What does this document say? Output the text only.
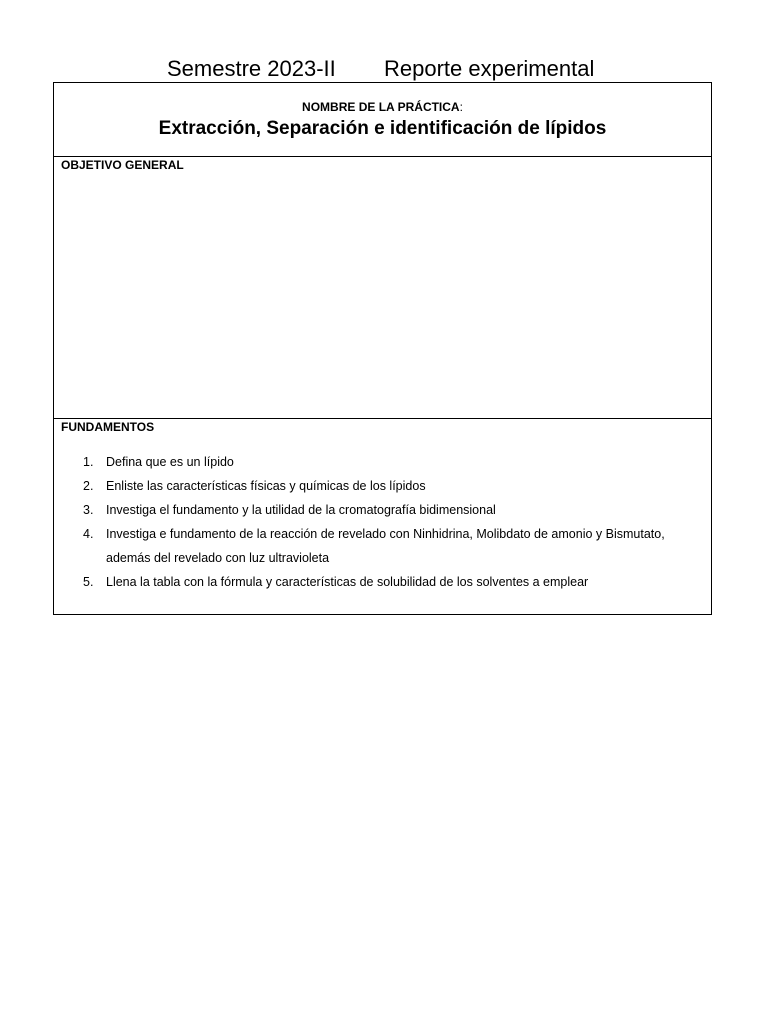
Semestre 2023-II Reporte experimental
NOMBRE DE LA PRÁCTICA:
Extracción, Separación e identificación de lípidos
OBJETIVO GENERAL
FUNDAMENTOS
1. Defina que es un lípido
2. Enliste las características físicas y químicas de los lípidos
3. Investiga el fundamento y la utilidad de la cromatografía bidimensional
4. Investiga e fundamento de la reacción de revelado con Ninhidrina, Molibdato de amonio y Bismutato, además del revelado con luz ultravioleta
5. Llena la tabla con la fórmula y características de solubilidad de los solventes a emplear
